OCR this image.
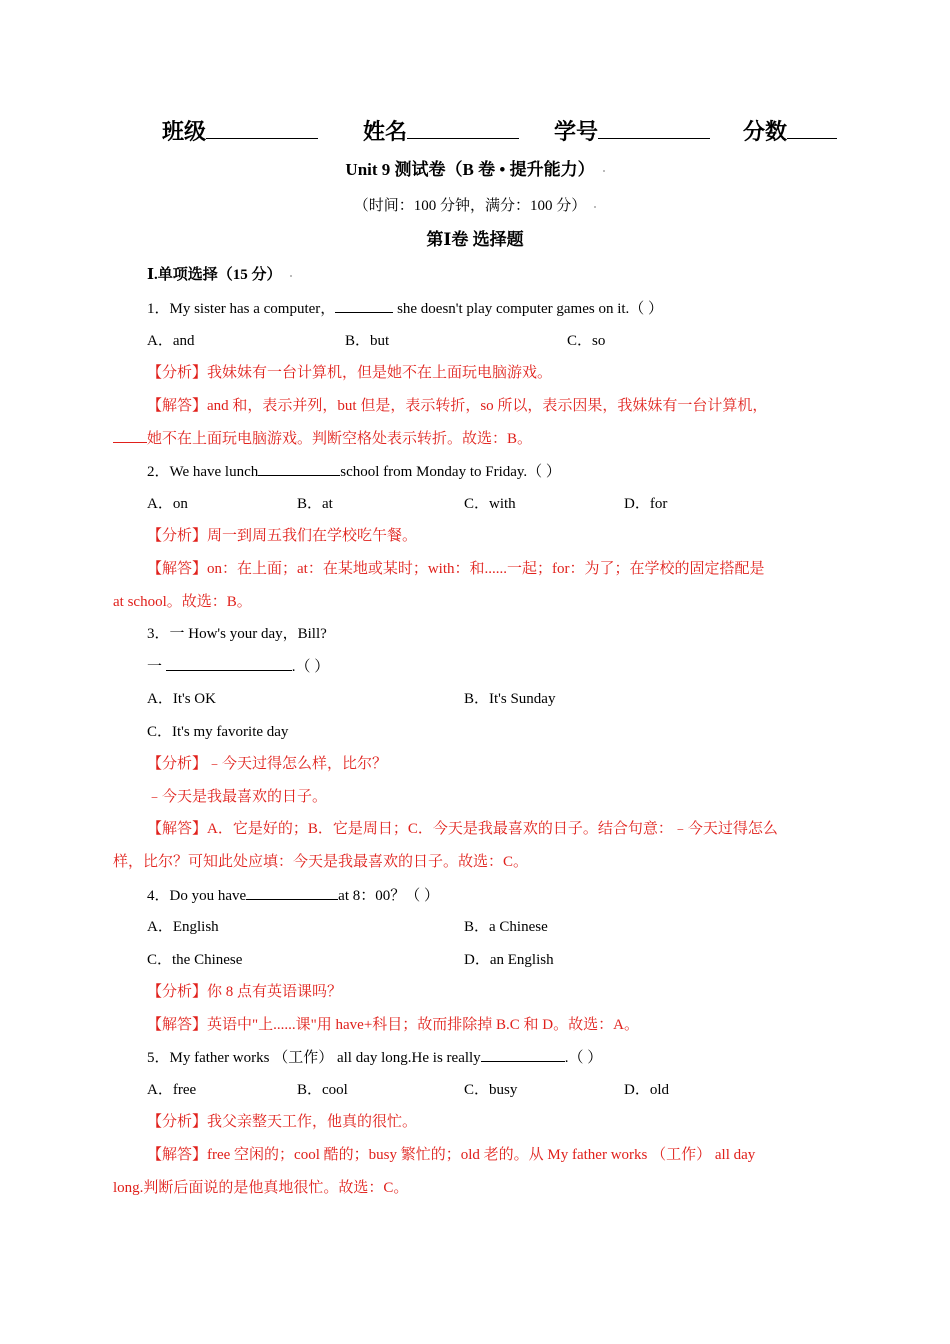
班级	姓名	学号	分数
Unit 9 测试卷（B 卷 • 提升能力）
（时间：100 分钟，满分：100 分）
第Ⅰ卷 选择题
Ⅰ.单项选择（15 分）
1．My sister has a computer，	she doesn't play computer games on it.（ ）
A．and	B．but	C．so
【分析】我妹妹有一台计算机，但是她不在上面玩电脑游戏。
【解答】and 和，表示并列，but 但是，表示转折，so 所以，表示因果，我妹妹有一台计算机，
她不在上面玩电脑游戏。判断空格处表示转折。故选：B。
2．We have lunch	school from Monday to Friday.（ ）
A．on	B．at	C．with	D．for
【分析】周一到周五我们在学校吃午餐。
【解答】on：在上面；at：在某地或某时；with：和......一起；for：为了；在学校的固定搭配是
at school。故选：B。
3．一 How's your day，Bill?
一	.（ ）
A．It's OK	B．It's Sunday
C．It's my favorite day
【分析】﹣今天过得怎么样，比尔？
﹣今天是我最喜欢的日子。
【解答】A．它是好的；B．它是周日；C．今天是我最喜欢的日子。结合句意：﹣今天过得怎么
样，比尔？可知此处应填：今天是我最喜欢的日子。故选：C。
4．Do you have	at 8：00？（ ）
A．English	B．a Chinese
C．the Chinese	D．an English
【分析】你 8 点有英语课吗？
【解答】英语中"上......课"用 have+科目；故而排除掉 B.C 和 D。故选：A。
5．My father works （工作） all day long.He is really	.（ ）
A．free	B．cool	C．busy	D．old
【分析】我父亲整天工作，他真的很忙。
【解答】free 空闲的；cool 酷的；busy 繁忙的；old 老的。从 My father works （工作） all day
long.判断后面说的是他真地很忙。故选：C。
